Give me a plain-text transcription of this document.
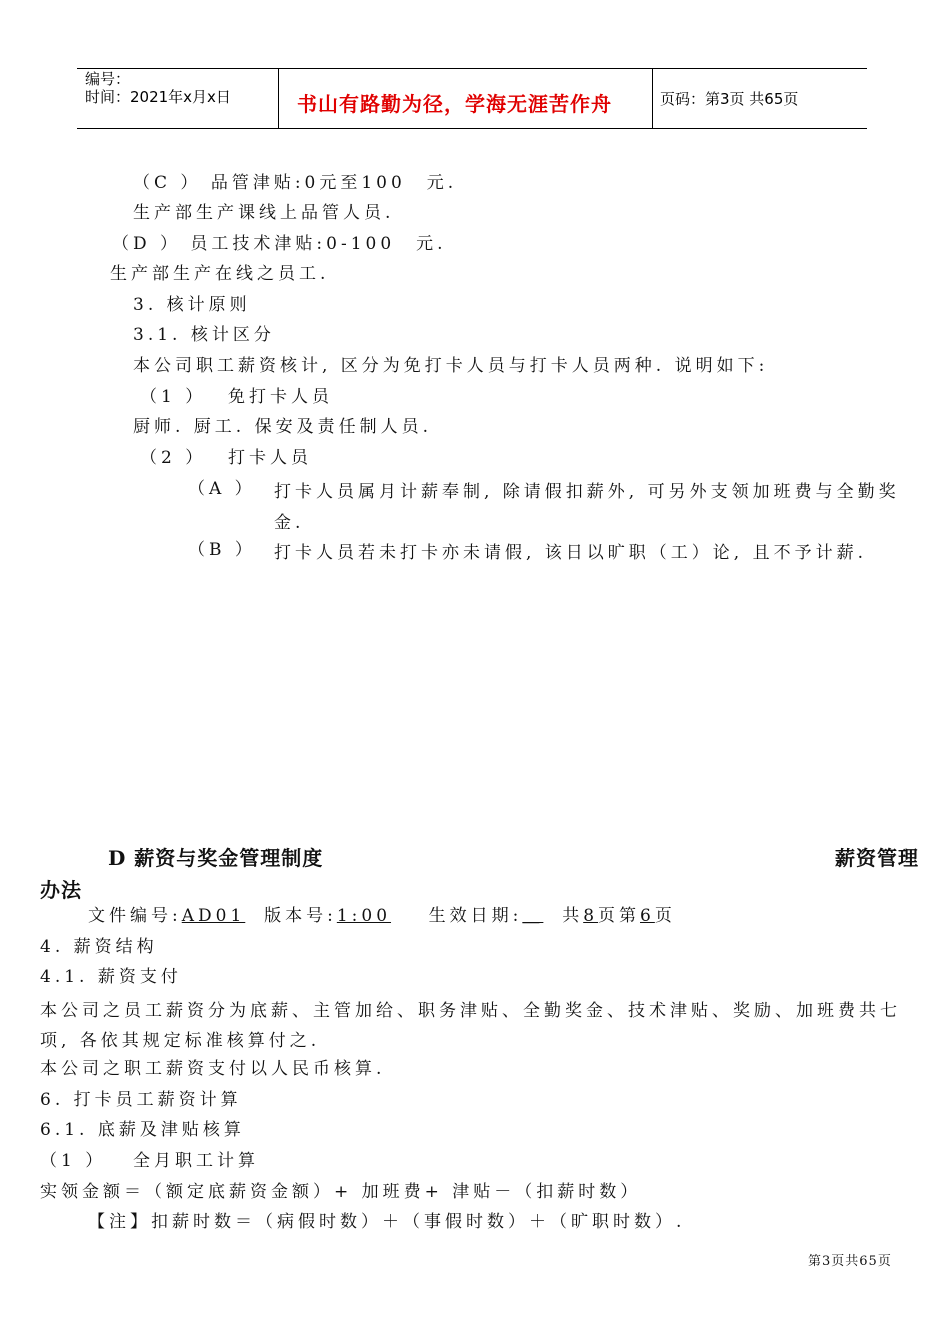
编号：
时间：2021年x月x日	书山有路勤为径，学海无涯苦作舟	页码：第3页 共65页
（C ） 品管津贴:0元至100　元.
生产部生产课线上品管人员.
（D ） 员工技术津贴:0-100　元.
生产部生产在线之员工.
3. 核计原则
3.1. 核计区分
本公司职工薪资核计, 区分为免打卡人员与打卡人员两种. 说明如下:
（1 ） 免打卡人员
厨师. 厨工. 保安及责任制人员.
（2 ） 打卡人员
（A ） 打卡人员属月计薪奉制, 除请假扣薪外, 可另外支领加班费与全勤奖金.
（B ） 打卡人员若未打卡亦未请假, 该日以旷职（工）论, 且不予计薪.
D 薪资与奖金管理制度	薪资管理
办法
文件编号:AD01 版本号:1:00 生效日期:＿ 共8页第6页
4. 薪资结构
4.1. 薪资支付
本公司之员工薪资分为底薪、主管加给、职务津贴、全勤奖金、技术津贴、奖励、加班费共七项, 各依其规定标准核算付之.
本公司之职工薪资支付以人民币核算.
6. 打卡员工薪资计算
6.1. 底薪及津贴核算
（1 ） 全月职工计算
实领金额＝（额定底薪资金额）+ 加班费+ 津贴－（扣薪时数）
【注】扣薪时数＝（病假时数）＋（事假时数）＋（旷职时数）.
第3页共65页
